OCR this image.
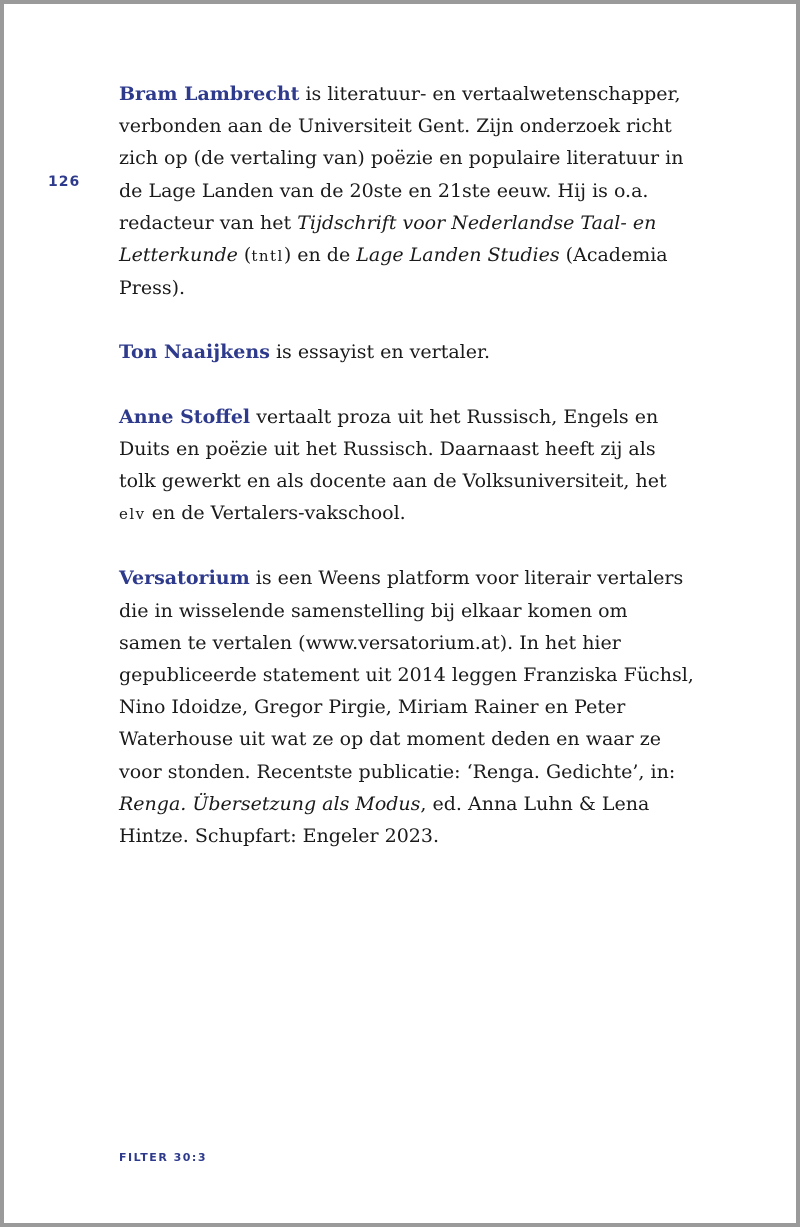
126

Bram Lambrecht is literatuur- en vertaalwetenschapper, verbonden aan de Universiteit Gent. Zijn onderzoek richt zich op (de vertaling van) poëzie en populaire literatuur in de Lage Landen van de 20ste en 21ste eeuw. Hij is o.a. redacteur van het Tijdschrift voor Nederlandse Taal- en Letterkunde (tntl) en de Lage Landen Studies (Academia Press).

Ton Naaijkens is essayist en vertaler.

Anne Stoffel vertaalt proza uit het Russisch, Engels en Duits en poëzie uit het Russisch. Daarnaast heeft zij als tolk gewerkt en als docente aan de Volksuniversiteit, het elv en de Vertalers-vakschool.

Versatorium is een Weens platform voor literair vertalers die in wisselende samenstelling bij elkaar komen om samen te vertalen (www.versatorium.at). In het hier gepubliceerde statement uit 2014 leggen Franziska Füchsl, Nino Idoidze, Gregor Pirgie, Miriam Rainer en Peter Waterhouse uit wat ze op dat moment deden en waar ze voor stonden. Recentste publicatie: ‘Renga. Gedichte’, in: Renga. Übersetzung als Modus, ed. Anna Luhn & Lena Hintze. Schupfart: Engeler 2023.

FILTER 30:3
